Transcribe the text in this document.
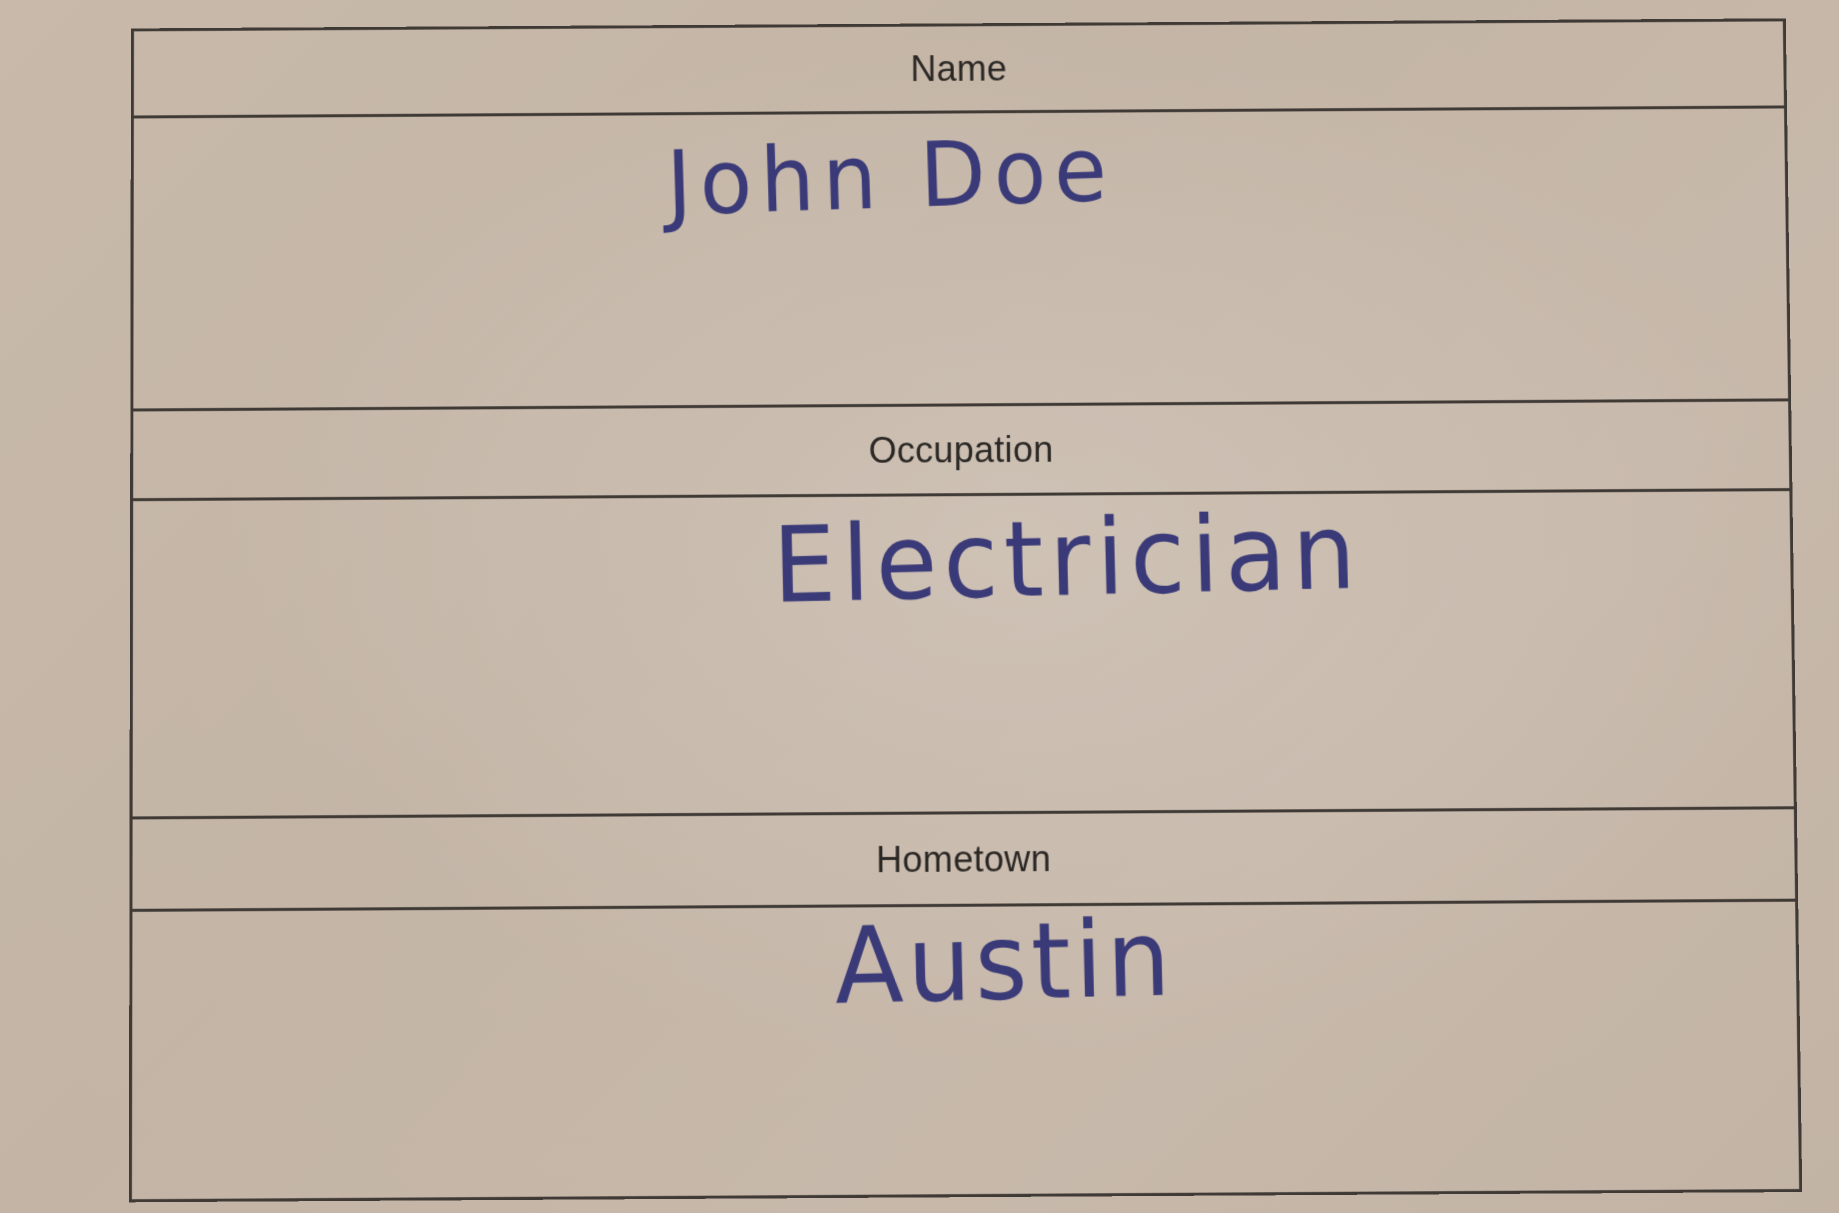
Name
John Doe
Occupation
Electrician
Hometown
Austin
